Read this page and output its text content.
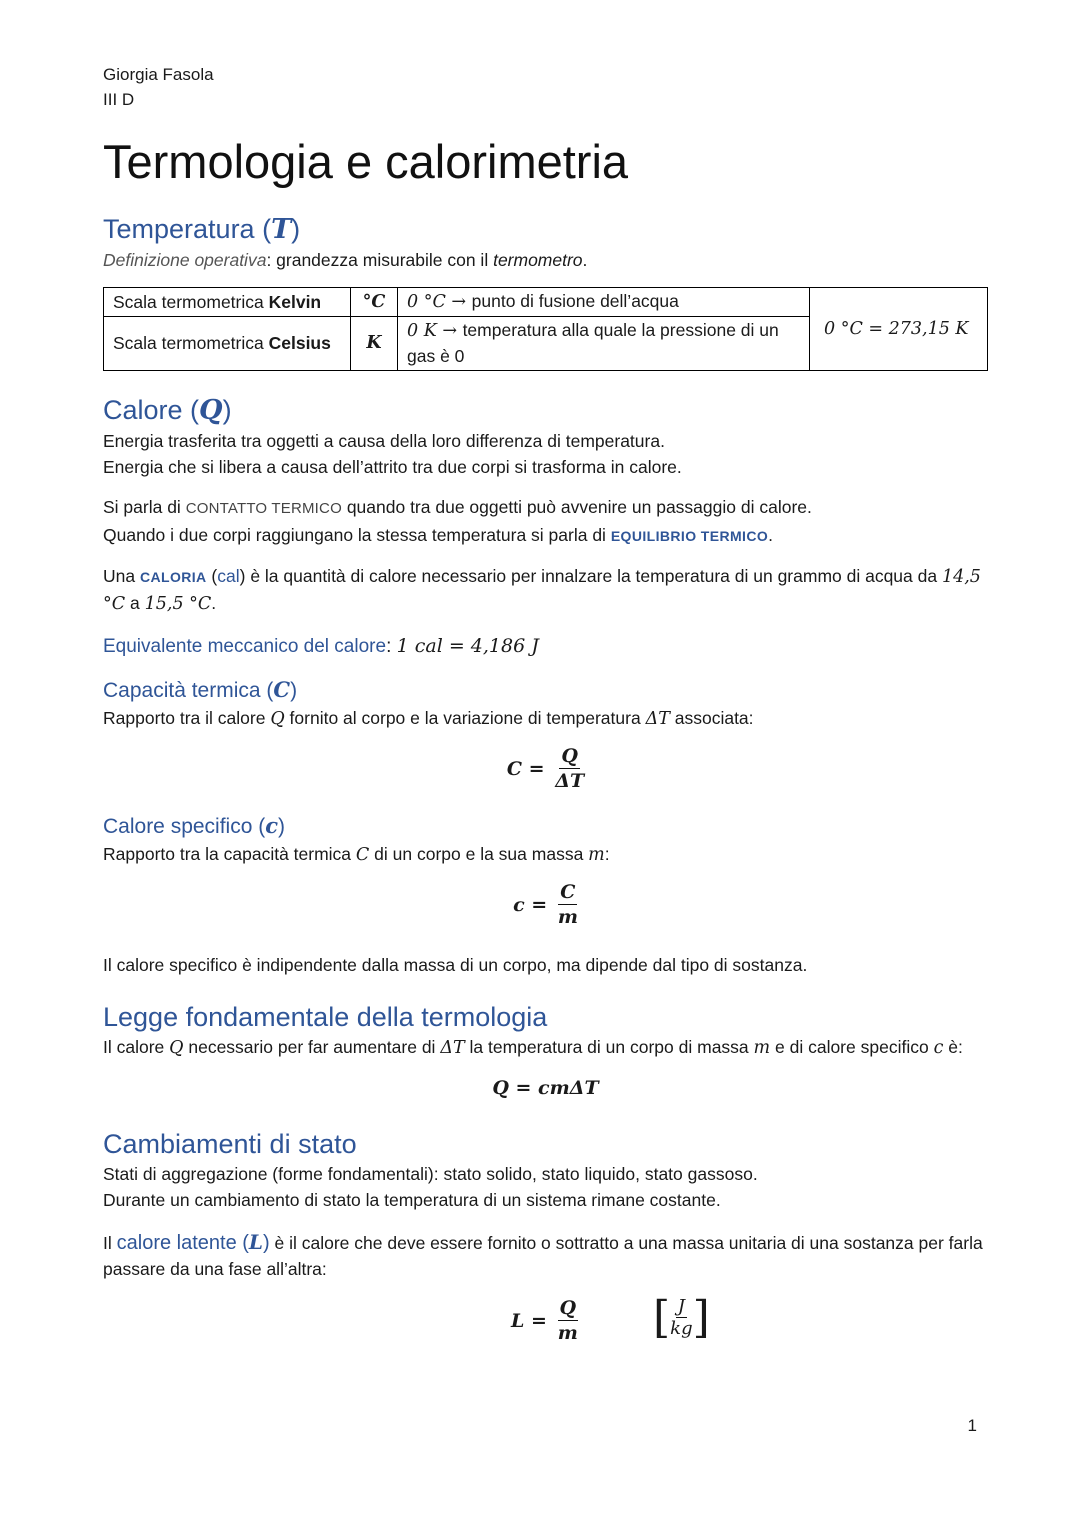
Giorgia Fasola
III D
Termologia e calorimetria
Temperatura (T)

Definizione operativa: grandezza misurabile con il termometro.

Scala termometrica Kelvin	°C	0 °C → punto di fusione dell’acqua	0 °C = 273,15 K
Scala termometrica Celsius	K	0 K → temperatura alla quale la pressione di un gas è 0	
Calore (Q)

Energia trasferita tra oggetti a causa della loro differenza di temperatura.

Energia che si libera a causa dell’attrito tra due corpi si trasforma in calore.

Si parla di CONTATTO TERMICO quando tra due oggetti può avvenire un passaggio di calore.

Quando i due corpi raggiungano la stessa temperatura si parla di EQUILIBRIO TERMICO.

Una CALORIA (cal) è la quantità di calore necessario per innalzare la temperatura di un grammo di acqua da 14,5 °C a 15,5 °C.

Equivalente meccanico del calore: 1 cal = 4,186 J

Capacità termica (C)

Rapporto tra il calore Q fornito al corpo e la variazione di temperatura ΔT associata:

$C = \frac{Q}{\Delta T}$
Calore specifico (c)

Rapporto tra la capacità termica C di un corpo e la sua massa m:

$c = \frac{C}{m}$

Il calore specifico è indipendente dalla massa di un corpo, ma dipende dal tipo di sostanza.

Legge fondamentale della termologia

Il calore Q necessario per far aumentare di ΔT la temperatura di un corpo di massa m e di calore specifico c è:

Q = cmΔT
Cambiamenti di stato

Stati di aggregazione (forme fondamentali): stato solido, stato liquido, stato gassoso.

Durante un cambiamento di stato la temperatura di un sistema rimane costante.

Il calore latente (L) è il calore che deve essere fornito o sottratto a una massa unitaria di una sostanza per farla passare da una fase all’altra:

$L = \frac{Q}{m}$ [ $\frac{J}{kg}$ ]
1
